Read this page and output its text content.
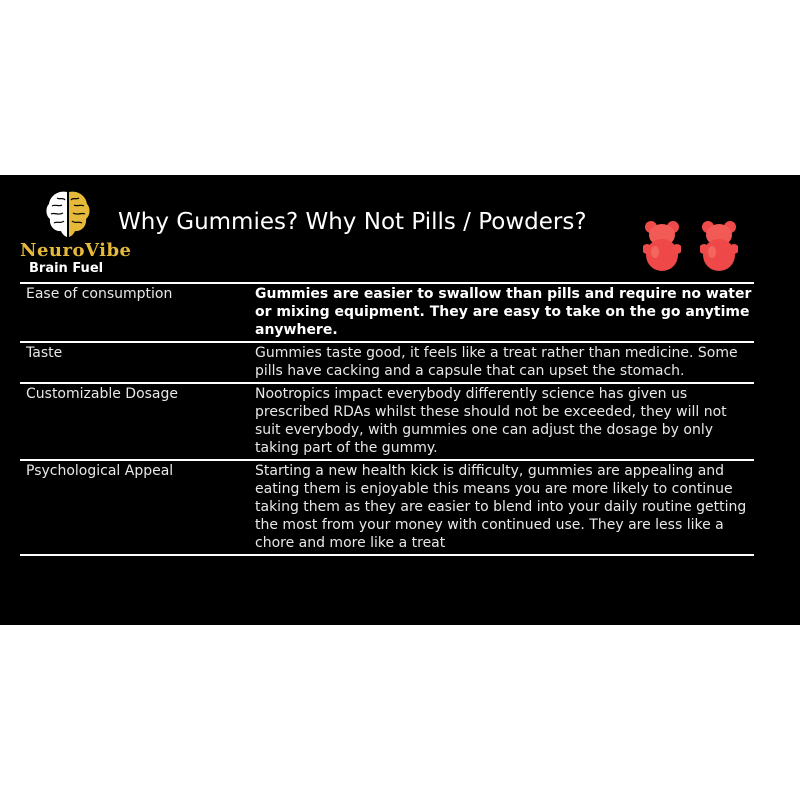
NeuroVibe
Brain Fuel
Why Gummies? Why Not Pills / Powders?
Ease of consumption	Gummies are easier to swallow than pills and require no water or mixing equipment. They are easy to take on the go anytime anywhere.
Taste	Gummies taste good, it feels like a treat rather than medicine. Some pills have cacking and a capsule that can upset the stomach.
Customizable Dosage	Nootropics impact everybody differently science has given us prescribed RDAs whilst these should not be exceeded, they will not suit everybody, with gummies one can adjust the dosage by only taking part of the gummy.
Psychological Appeal	Starting a new health kick is difficulty, gummies are appealing and eating them is enjoyable this means you are more likely to continue taking them as they are easier to blend into your daily routine getting the most from your money with continued use. They are less like a chore and more like a treat
